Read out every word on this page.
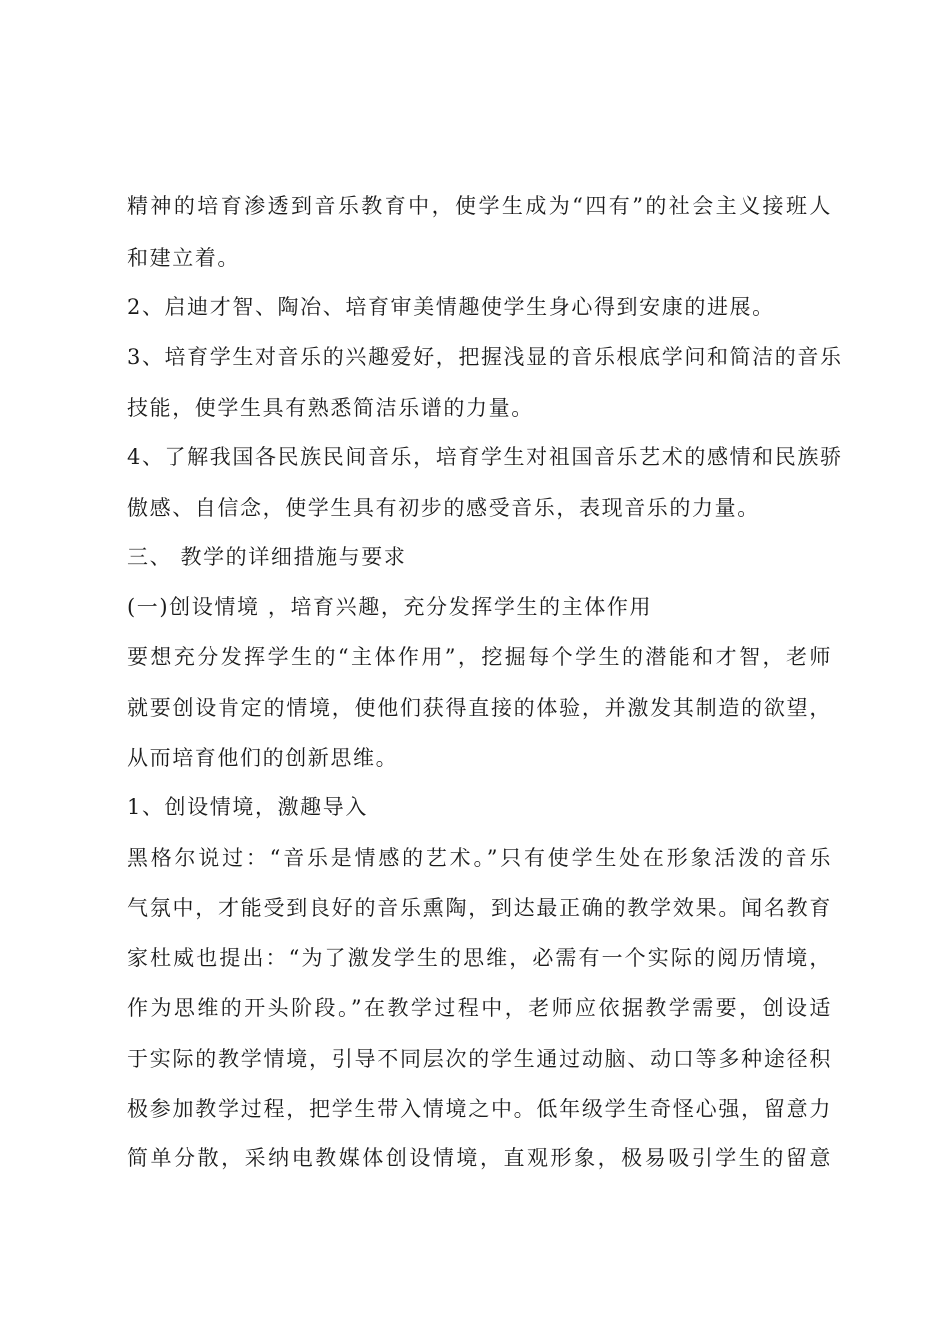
精神的培育渗透到音乐教育中，使学生成为“四有”的社会主义接班人
和建立着。
2、启迪才智、陶冶、培育审美情趣使学生身心得到安康的进展。
3、培育学生对音乐的兴趣爱好，把握浅显的音乐根底学问和简洁的音乐
技能，使学生具有熟悉简洁乐谱的力量。
4、了解我国各民族民间音乐，培育学生对祖国音乐艺术的感情和民族骄
傲感、自信念，使学生具有初步的感受音乐，表现音乐的力量。
三、 教学的详细措施与要求
(一)创设情境 ，培育兴趣，充分发挥学生的主体作用
要想充分发挥学生的“主体作用”，挖掘每个学生的潜能和才智，老师
就要创设肯定的情境，使他们获得直接的体验，并激发其制造的欲望，
从而培育他们的创新思维。
1、创设情境，激趣导入
黑格尔说过：“音乐是情感的艺术。”只有使学生处在形象活泼的音乐
气氛中，才能受到良好的音乐熏陶，到达最正确的教学效果。闻名教育
家杜威也提出：“为了激发学生的思维，必需有一个实际的阅历情境，
作为思维的开头阶段。”在教学过程中，老师应依据教学需要，创设适
于实际的教学情境，引导不同层次的学生通过动脑、动口等多种途径积
极参加教学过程，把学生带入情境之中。低年级学生奇怪心强，留意力
简单分散，采纳电教媒体创设情境，直观形象，极易吸引学生的留意
